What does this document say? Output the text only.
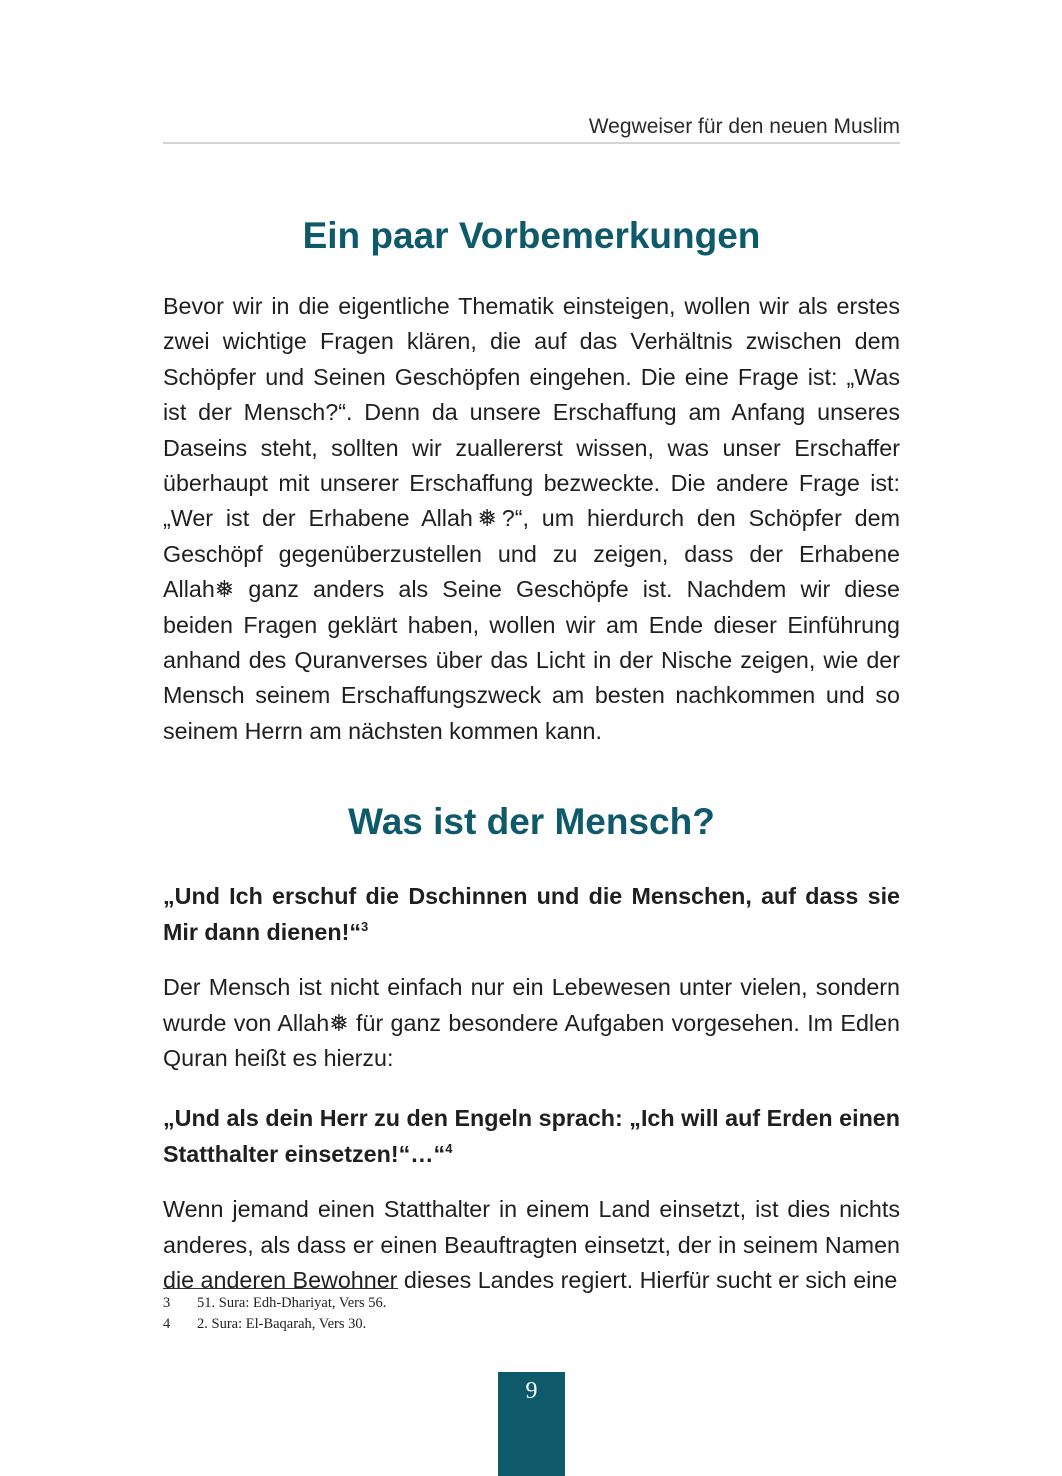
Wegweiser für den neuen Muslim
Ein paar Vorbemerkungen

Bevor wir in die eigentliche Thematik einsteigen, wollen wir als erstes zwei wichtige Fragen klären, die auf das Verhältnis zwischen dem Schöpfer und Seinen Geschöpfen eingehen. Die eine Frage ist: „Was ist der Mensch?“. Denn da unsere Erschaffung am Anfang unseres Daseins steht, sollten wir zuallererst wissen, was unser Erschaffer überhaupt mit unserer Erschaffung bezweckte. Die andere Frage ist: „Wer ist der Erhabene Allah ❅ ?“, um hierdurch den Schöpfer dem Geschöpf gegenüberzustellen und zu zeigen, dass der Erhabene Allah❅ ganz anders als Seine Geschöpfe ist. Nachdem wir diese beiden Fragen geklärt haben, wollen wir am Ende dieser Einführung anhand des Quranverses über das Licht in der Nische zeigen, wie der Mensch seinem Erschaffungszweck am besten nachkommen und so seinem Herrn am nächsten kommen kann.

Was ist der Mensch?

„Und Ich erschuf die Dschinnen und die Menschen, auf dass sie Mir dann dienen!“$^3$

Der Mensch ist nicht einfach nur ein Lebewesen unter vielen, sondern wurde von Allah❅ für ganz besondere Aufgaben vorgesehen. Im Edlen Quran heißt es hierzu:

„Und als dein Herr zu den Engeln sprach: „Ich will auf Erden einen Statthalter einsetzen!“…“$^4$

Wenn jemand einen Statthalter in einem Land einsetzt, ist dies nichts anderes, als dass er einen Beauftragten einsetzt, der in seinem Namen die anderen Bewohner dieses Landes regiert. Hierfür sucht er sich eine

3	51. Sura: Edh-Dhariyat, Vers 56.
4	2. Sura: El-Baqarah, Vers 30.
9
